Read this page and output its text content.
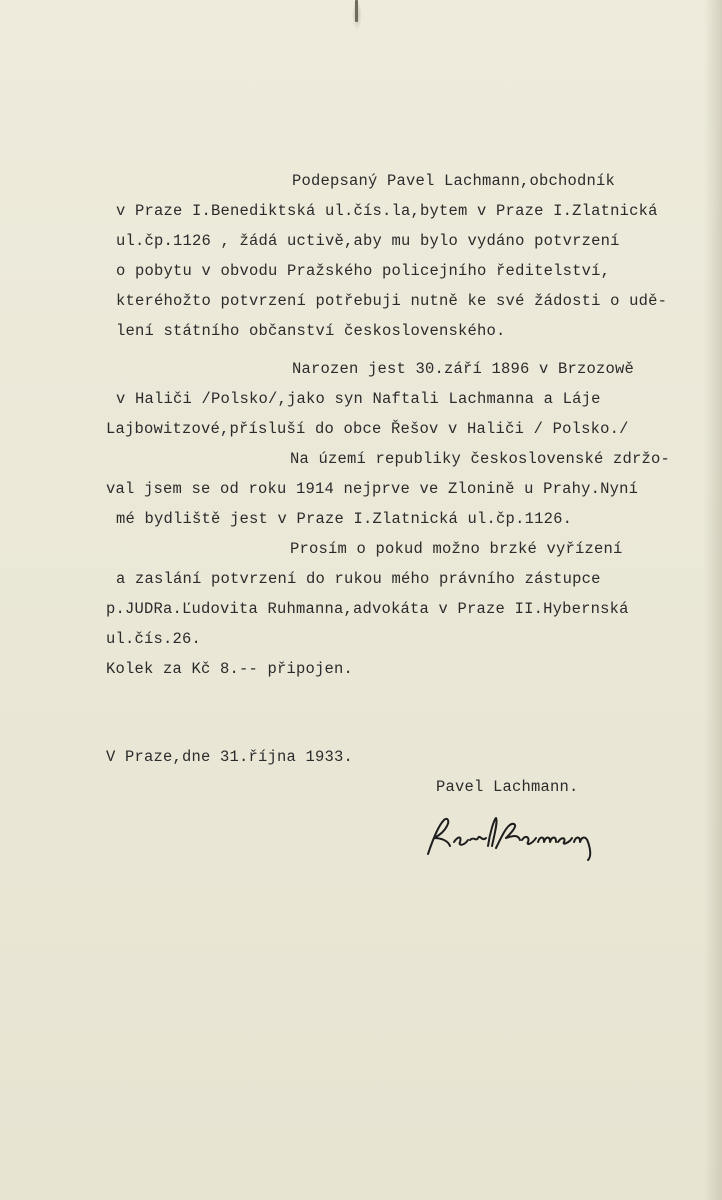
Podepsaný Pavel Lachmann,obchodník

v Praze I.Benediktská ul.čís.la,bytem v Praze I.Zlatnická

ul.čp.1126 , žádá uctivě,aby mu bylo vydáno potvrzení

o pobytu v obvodu Pražského policejního ředitelství,

kteréhožto potvrzení potřebuji nutně ke své žádosti o udě-

lení státního občanství československého.

Narozen jest 30.září 1896 v Brzozowě

v Haliči /Polsko/,jako syn Naftali Lachmanna a Láje

Lajbowitzové,přísluší do obce Řešov v Haliči / Polsko./

Na území republiky československé zdržo-

val jsem se od roku 1914 nejprve ve Zlonině u Prahy.Nyní

mé bydliště jest v Praze I.Zlatnická ul.čp.1126.

Prosím o pokud možno brzké vyřízení

a zaslání potvrzení do rukou mého právního zástupce

p.JUDRa.Ľudovita Ruhmanna,advokáta v Praze II.Hybernská

ul.čís.26.

Kolek za Kč 8.-- připojen.

V Praze,dne 31.října 1933.

Pavel Lachmann.
